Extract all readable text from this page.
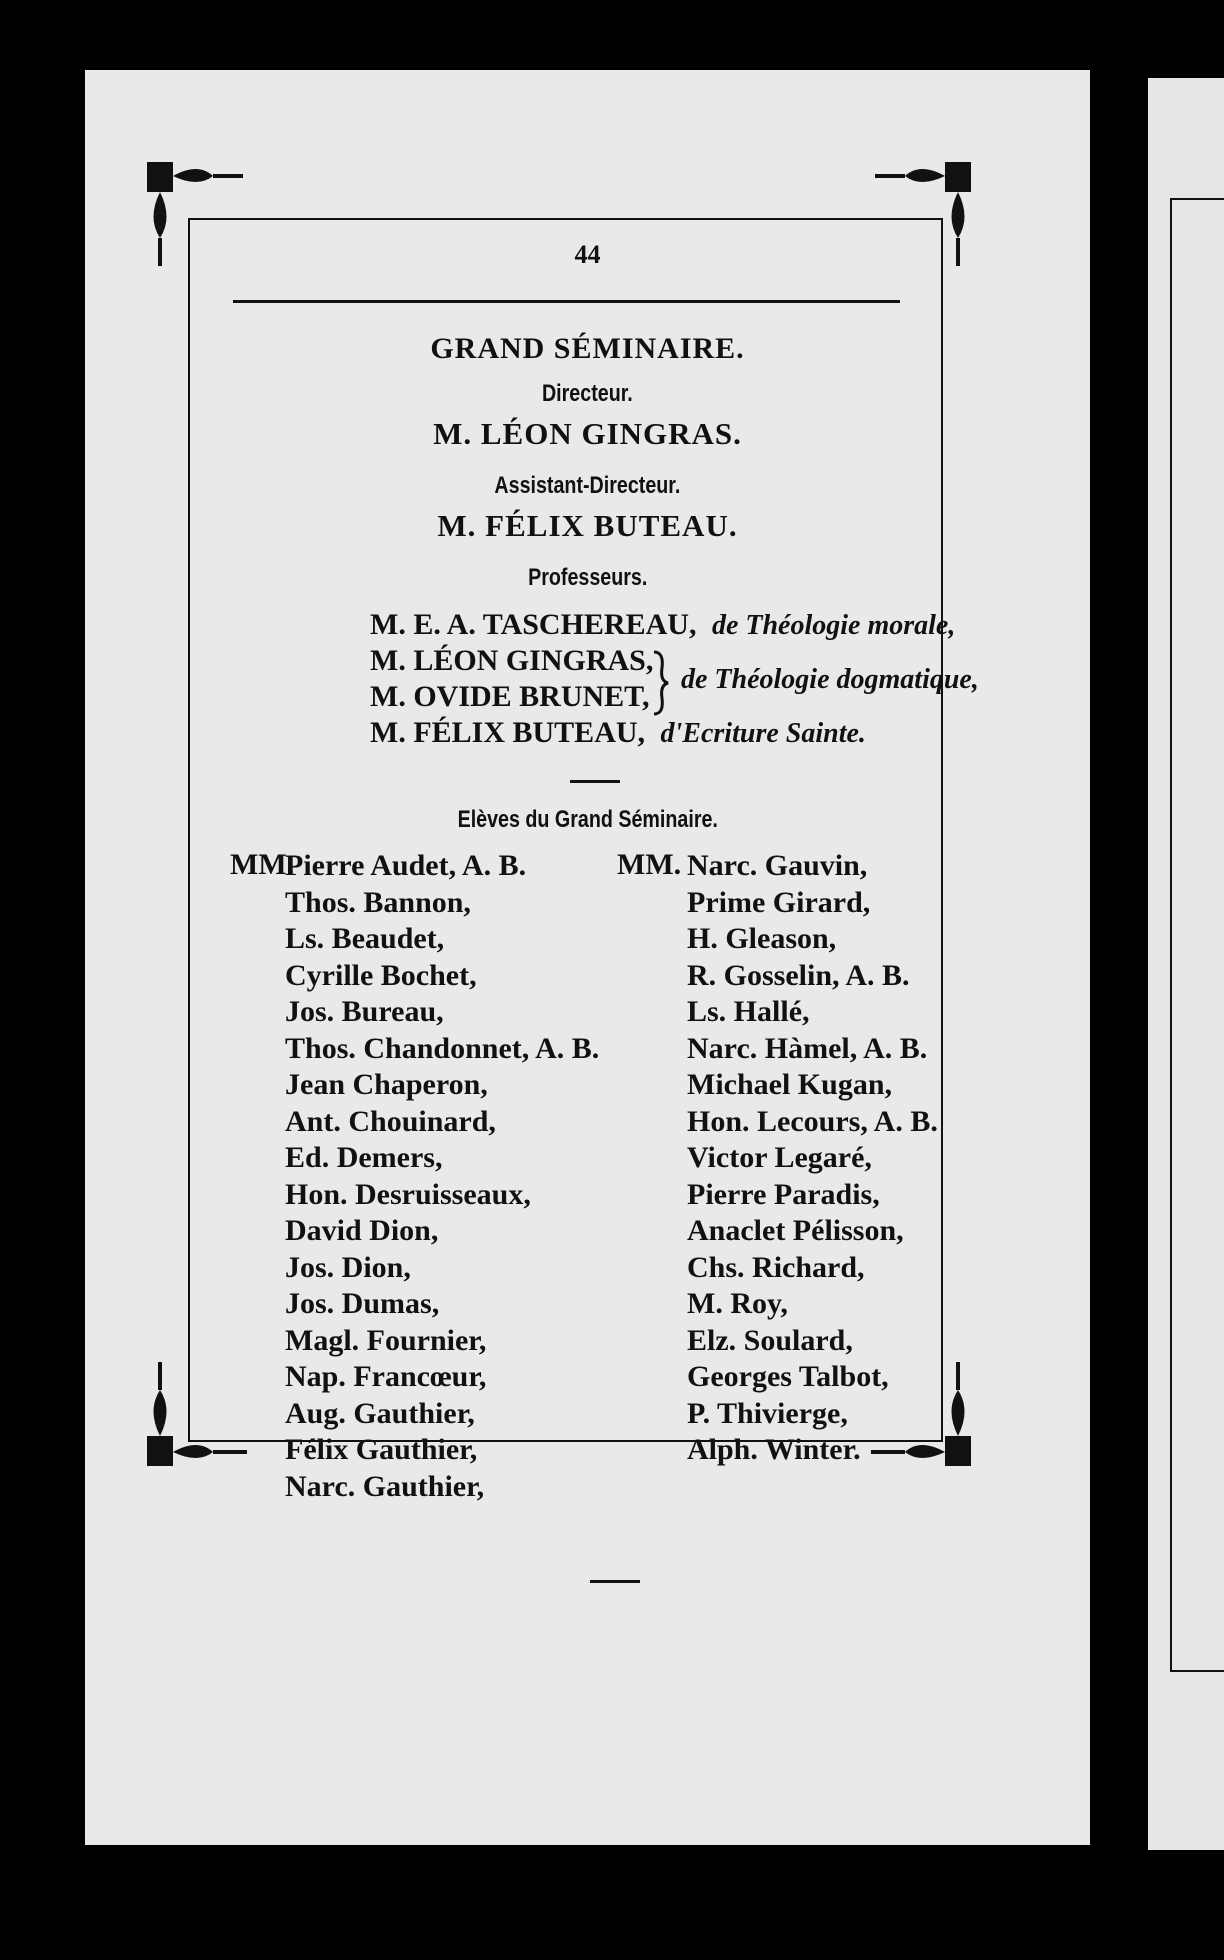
44
GRAND SÉMINAIRE.
Directeur.
M. LÉON GINGRAS.
Assistant-Directeur.
M. FÉLIX BUTEAU.
Professeurs.
M. E. A. TASCHEREAU, de Théologie morale,
M. LÉON GINGRAS,
M. OVIDE BRUNET,
de Théologie dogmatique,
M. FÉLIX BUTEAU, d'Ecriture Sainte.
Elèves du Grand Séminaire.
MM.
Pierre Audet, A. B.
Thos. Bannon,
Ls. Beaudet,
Cyrille Bochet,
Jos. Bureau,
Thos. Chandonnet, A. B.
Jean Chaperon,
Ant. Chouinard,
Ed. Demers,
Hon. Desruisseaux,
David Dion,
Jos. Dion,
Jos. Dumas,
Magl. Fournier,
Nap. Francœur,
Aug. Gauthier,
Félix Gauthier,
Narc. Gauthier,
MM. Narc. Gauvin,
Prime Girard,
H. Gleason,
R. Gosselin, A. B.
Ls. Hallé,
Narc. Hàmel, A. B.
Michael Kugan,
Hon. Lecours, A. B.
Victor Legaré,
Pierre Paradis,
Anaclet Pélisson,
Chs. Richard,
M. Roy,
Elz. Soulard,
Georges Talbot,
P. Thivierge,
Alph. Winter.
